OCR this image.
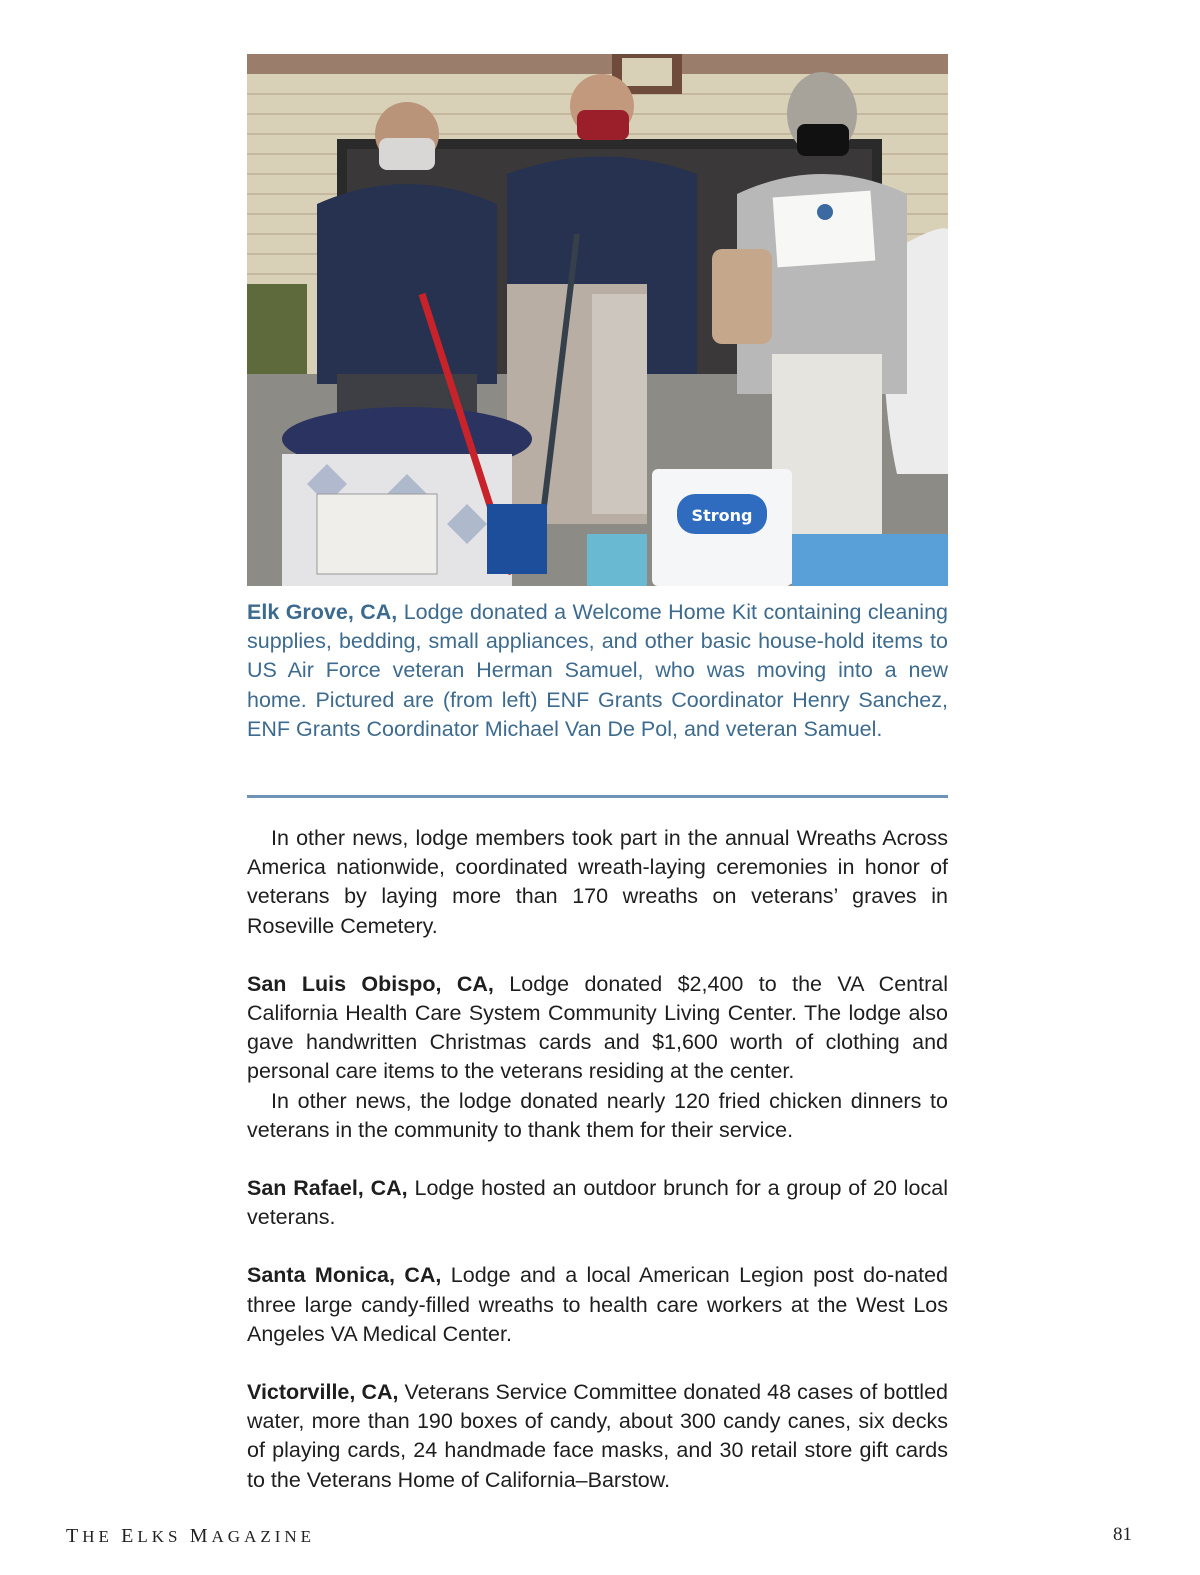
Strong

Elk Grove, CA, Lodge donated a Welcome Home Kit containing cleaning supplies, bedding, small appliances, and other basic house-hold items to US Air Force veteran Herman Samuel, who was moving into a new home. Pictured are (from left) ENF Grants Coordinator Henry Sanchez, ENF Grants Coordinator Michael Van De Pol, and veteran Samuel.

In other news, lodge members took part in the annual Wreaths Across America nationwide, coordinated wreath-laying ceremonies in honor of veterans by laying more than 170 wreaths on veterans’ graves in Roseville Cemetery.

San Luis Obispo, CA, Lodge donated $2,400 to the VA Central California Health Care System Community Living Center. The lodge also gave handwritten Christmas cards and $1,600 worth of clothing and personal care items to the veterans residing at the center.

In other news, the lodge donated nearly 120 fried chicken dinners to veterans in the community to thank them for their service.

San Rafael, CA, Lodge hosted an outdoor brunch for a group of 20 local veterans.

Santa Monica, CA, Lodge and a local American Legion post do-nated three large candy-filled wreaths to health care workers at the West Los Angeles VA Medical Center.

Victorville, CA, Veterans Service Committee donated 48 cases of bottled water, more than 190 boxes of candy, about 300 candy canes, six decks of playing cards, 24 handmade face masks, and 30 retail store gift cards to the Veterans Home of California–Barstow.

THE ELKS MAGAZINE	81
